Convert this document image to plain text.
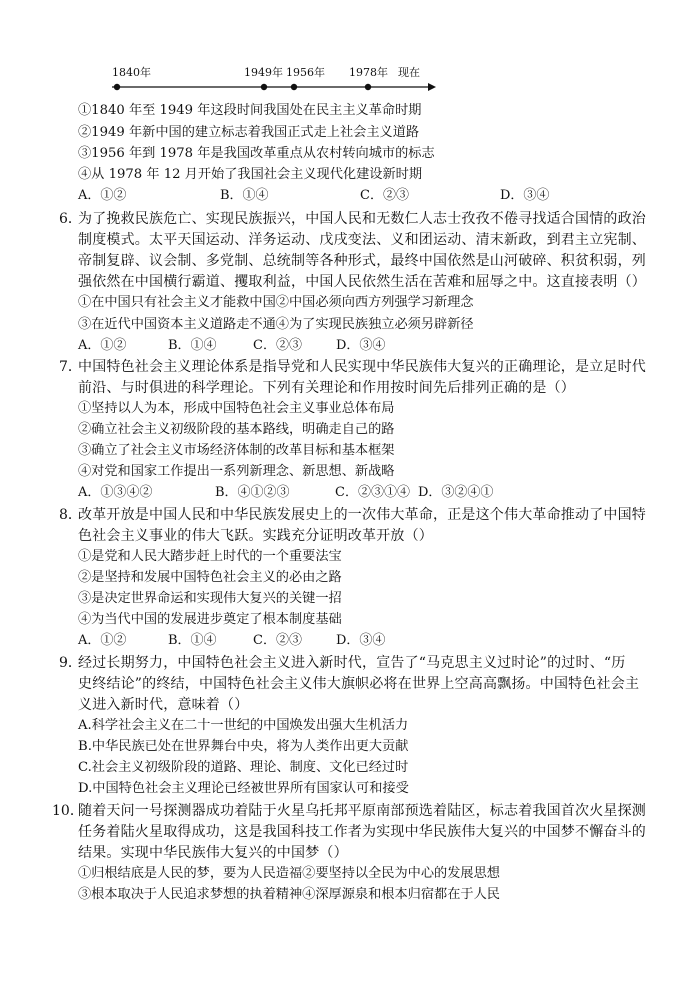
1840年	1949年 1956年 1978年 现在
①1840 年至 1949 年这段时间我国处在民主主义革命时期
②1949 年新中国的建立标志着我国正式走上社会主义道路
③1956 年到 1978 年是我国改革重点从农村转向城市的标志
④从 1978 年 12 月开始了我国社会主义现代化建设新时期
A．①②	B．①④	C．②③	D．③④
6．
为了挽救民族危亡、实现民族振兴，中国人民和无数仁人志士孜孜不倦寻找适合国情的政治
制度模式。太平天国运动、洋务运动、戊戌变法、义和团运动、清末新政，到君主立宪制、
帝制复辟、议会制、多党制、总统制等各种形式，最终中国依然是山河破碎、积贫积弱，列
强依然在中国横行霸道、攫取利益，中国人民依然生活在苦难和屈辱之中。这直接表明（）
①在中国只有社会主义才能救中国②中国必须向西方列强学习新理念
③在近代中国资本主义道路走不通④为了实现民族独立必须另辟新径
A．①②	B．①④	C．②③	D．③④
7．
中国特色社会主义理论体系是指导党和人民实现中华民族伟大复兴的正确理论，是立足时代
前沿、与时俱进的科学理论。下列有关理论和作用按时间先后排列正确的是（）
①坚持以人为本，形成中国特色社会主义事业总体布局
②确立社会主义初级阶段的基本路线，明确走自己的路
③确立了社会主义市场经济体制的改革目标和基本框架
④对党和国家工作提出一系列新理念、新思想、新战略
A．①③④②	B．④①②③	C．②③①④ D．③②④①
8．
改革开放是中国人民和中华民族发展史上的一次伟大革命，正是这个伟大革命推动了中国特
色社会主义事业的伟大飞跃。实践充分证明改革开放（）
①是党和人民大踏步赶上时代的一个重要法宝
②是坚持和发展中国特色社会主义的必由之路
③是决定世界命运和实现伟大复兴的关键一招
④为当代中国的发展进步奠定了根本制度基础
A．①②	B．①④	C．②③	D．③④
9．
经过长期努力，中国特色社会主义进入新时代，宣告了“马克思主义过时论”的过时、“历
史终结论”的终结，中国特色社会主义伟大旗帜必将在世界上空高高飘扬。中国特色社会主
义进入新时代，意味着（）
A.科学社会主义在二十一世纪的中国焕发出强大生机活力
B.中华民族已处在世界舞台中央，将为人类作出更大贡献
C.社会主义初级阶段的道路、理论、制度、文化已经过时
D.中国特色社会主义理论已经被世界所有国家认可和接受
10．
随着天问一号探测器成功着陆于火星乌托邦平原南部预选着陆区，标志着我国首次火星探测
任务着陆火星取得成功，这是我国科技工作者为实现中华民族伟大复兴的中国梦不懈奋斗的
结果。实现中华民族伟大复兴的中国梦（）
①归根结底是人民的梦，要为人民造福②要坚持以全民为中心的发展思想
③根本取决于人民追求梦想的执着精神④深厚源泉和根本归宿都在于人民
